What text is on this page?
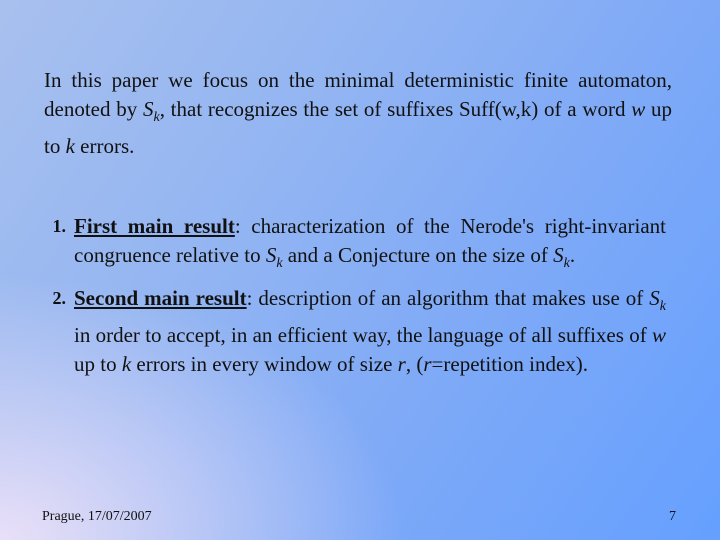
In this paper we focus on the minimal deterministic finite automaton, denoted by $S_k$, that recognizes the set of suffixes Suff(w,k) of a word w up to k errors.

1. First main result: characterization of the Nerode's right-invariant congruence relative to $S_k$ and a Conjecture on the size of $S_k$.
2. Second main result: description of an algorithm that makes use of $S_k$ in order to accept, in an efficient way, the language of all suffixes of w up to k errors in every window of size r, (r=repetition index).
Prague, 17/07/2007	7
